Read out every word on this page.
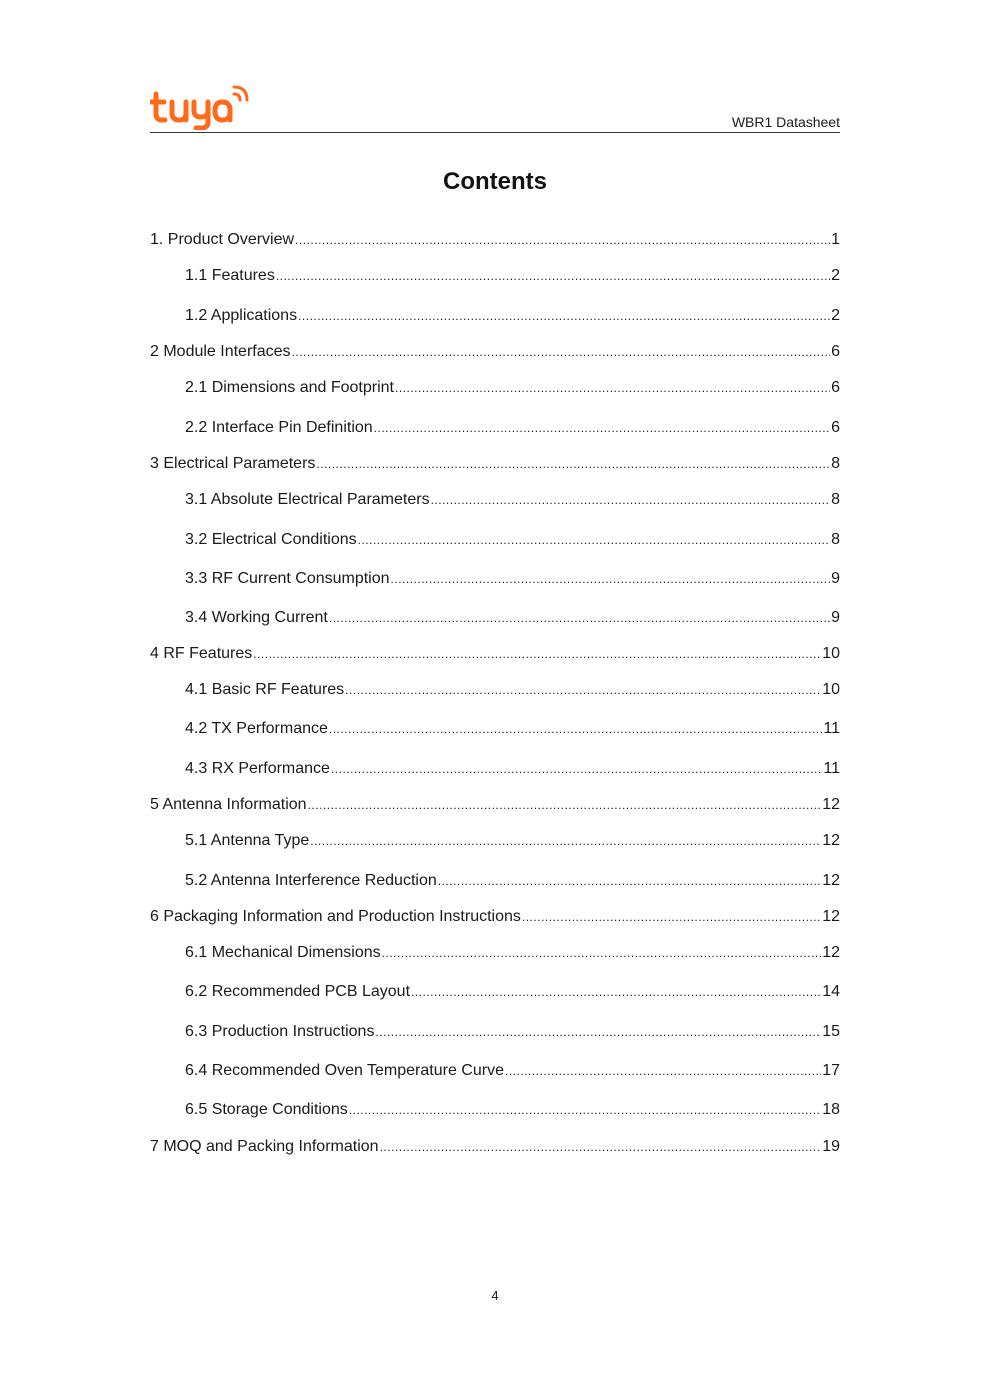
WBR1 Datasheet
Contents
1. Product Overview .....	1
1.1 Features .....	2
1.2 Applications .....	2
2 Module Interfaces .....	6
2.1 Dimensions and Footprint .....	6
2.2 Interface Pin Definition .....	6
3 Electrical Parameters .....	8
3.1 Absolute Electrical Parameters .....	8
3.2 Electrical Conditions .....	8
3.3 RF Current Consumption .....	9
3.4 Working Current .....	9
4 RF Features .....	10
4.1 Basic RF Features .....	10
4.2 TX Performance .....	11
4.3 RX Performance .....	11
5 Antenna Information .....	12
5.1 Antenna Type .....	12
5.2 Antenna Interference Reduction .....	12
6 Packaging Information and Production Instructions .....	12
6.1 Mechanical Dimensions .....	12
6.2 Recommended PCB Layout .....	14
6.3 Production Instructions .....	15
6.4 Recommended Oven Temperature Curve .....	17
6.5 Storage Conditions .....	18
7 MOQ and Packing Information .....	19
4
